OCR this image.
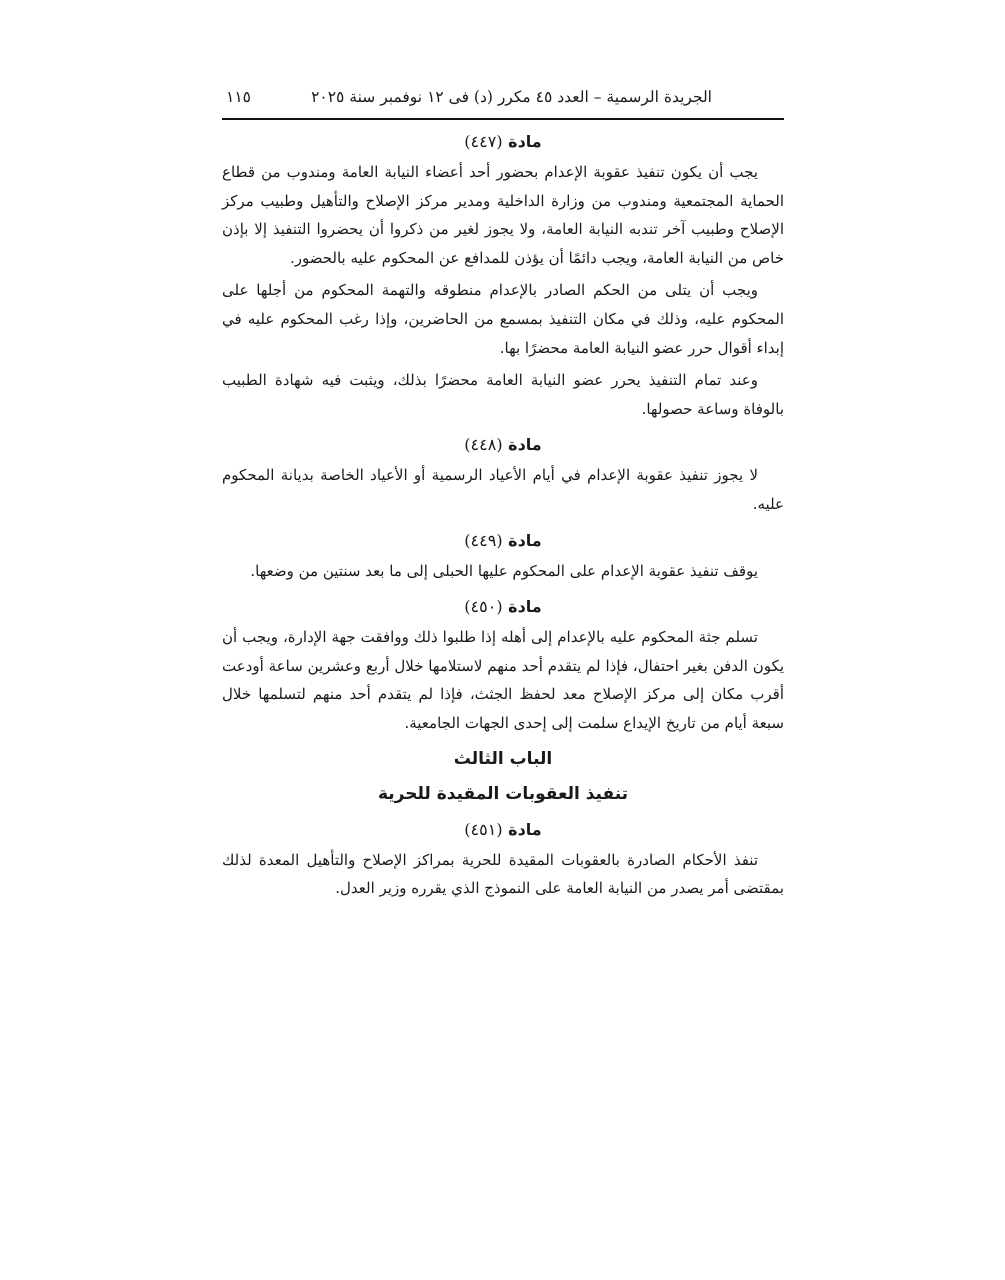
الجريدة الرسمية – العدد ٤٥ مكرر (د) فى ١٢ نوفمبر سنة ٢٠٢٥
١١٥
مادة (٤٤٧)

يجب أن يكون تنفيذ عقوبة الإعدام بحضور أحد أعضاء النيابة العامة ومندوب من قطاع الحماية المجتمعية ومندوب من وزارة الداخلية ومدير مركز الإصلاح والتأهيل وطبيب مركز الإصلاح وطبيب آخر تندبه النيابة العامة، ولا يجوز لغير من ذكروا أن يحضروا التنفيذ إلا بإذن خاص من النيابة العامة، ويجب دائمًا أن يؤذن للمدافع عن المحكوم عليه بالحضور.

ويجب أن يتلى من الحكم الصادر بالإعدام منطوقه والتهمة المحكوم من أجلها على المحكوم عليه، وذلك في مكان التنفيذ بمسمع من الحاضرين، وإذا رغب المحكوم عليه في إبداء أقوال حرر عضو النيابة العامة محضرًا بها.

وعند تمام التنفيذ يحرر عضو النيابة العامة محضرًا بذلك، ويثبت فيه شهادة الطبيب بالوفاة وساعة حصولها.

مادة (٤٤٨)

لا يجوز تنفيذ عقوبة الإعدام في أيام الأعياد الرسمية أو الأعياد الخاصة بديانة المحكوم عليه.

مادة (٤٤٩)

يوقف تنفيذ عقوبة الإعدام على المحكوم عليها الحبلى إلى ما بعد سنتين من وضعها.

مادة (٤٥٠)

تسلم جثة المحكوم عليه بالإعدام إلى أهله إذا طلبوا ذلك ووافقت جهة الإدارة، ويجب أن يكون الدفن بغير احتفال، فإذا لم يتقدم أحد منهم لاستلامها خلال أربع وعشرين ساعة أودعت أقرب مكان إلى مركز الإصلاح معد لحفظ الجثث، فإذا لم يتقدم أحد منهم لتسلمها خلال سبعة أيام من تاريخ الإيداع سلمت إلى إحدى الجهات الجامعية.

الباب الثالث
تنفيذ العقوبات المقيدة للحرية
مادة (٤٥١)

تنفذ الأحكام الصادرة بالعقوبات المقيدة للحرية بمراكز الإصلاح والتأهيل المعدة لذلك بمقتضى أمر يصدر من النيابة العامة على النموذج الذي يقرره وزير العدل.
